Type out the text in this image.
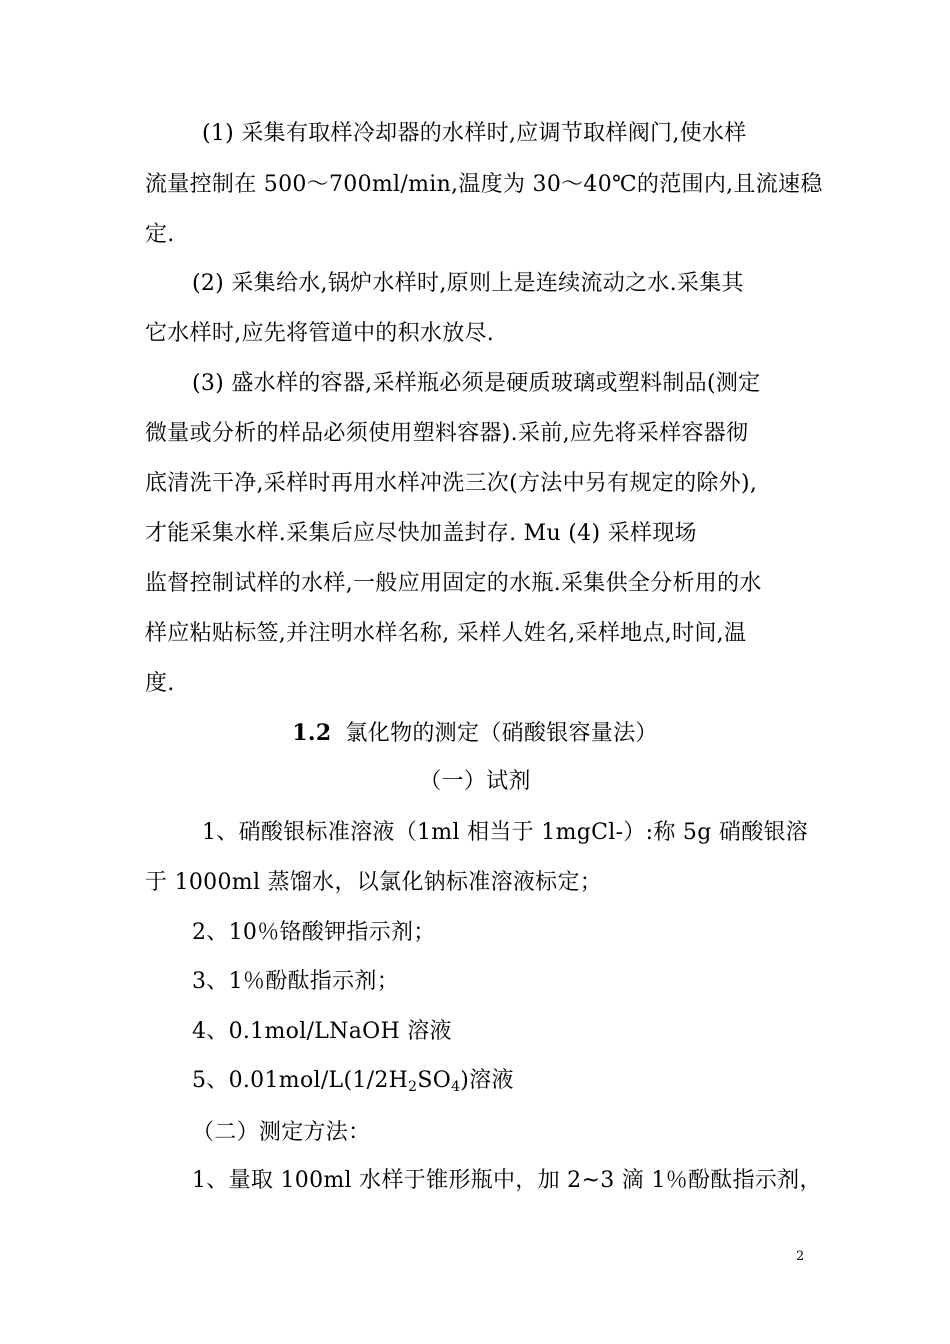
(1) 采集有取样冷却器的水样时,应调节取样阀门,使水样
流量控制在 500～700ml/min,温度为 30～40℃的范围内,且流速稳
定.
(2) 采集给水,锅炉水样时,原则上是连续流动之水.采集其
它水样时,应先将管道中的积水放尽.
(3) 盛水样的容器,采样瓶必须是硬质玻璃或塑料制品(测定
微量或分析的样品必须使用塑料容器).采前,应先将采样容器彻
底清洗干净,采样时再用水样冲洗三次(方法中另有规定的除外),
才能采集水样.采集后应尽快加盖封存. Mu (4) 采样现场
监督控制试样的水样,一般应用固定的水瓶.采集供全分析用的水
样应粘贴标签,并注明水样名称, 采样人姓名,采样地点,时间,温
度.
1.2 氯化物的测定（硝酸银容量法）
（一）试剂
1、硝酸银标准溶液（1ml 相当于 1mgCl-）:称 5g 硝酸银溶
于 1000ml 蒸馏水，以氯化钠标准溶液标定；
2、10％铬酸钾指示剂；
3、1％酚酞指示剂；
4、0.1mol/LNaOH 溶液
5、$0.01mol/L(1/2H_2SO_4)$溶液
（二）测定方法：
1、量取 100ml 水样于锥形瓶中，加 2~3 滴 1％酚酞指示剂，
2
